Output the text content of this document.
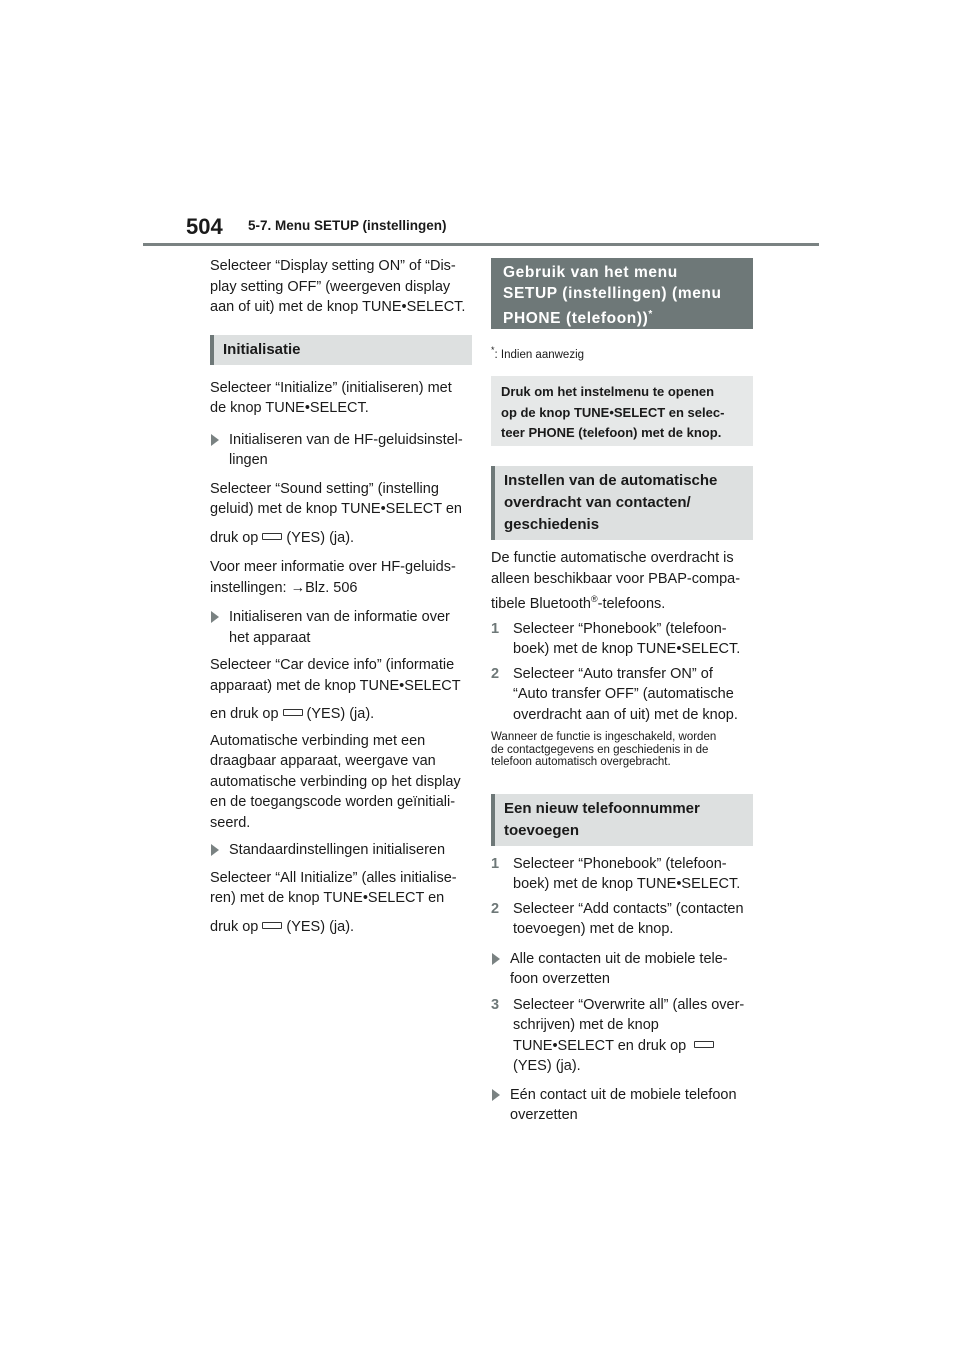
504 5-7. Menu SETUP (instellingen)

Selecteer “Display setting ON” of “Dis-
play setting OFF” (weergeven display
aan of uit) met de knop TUNE•SELECT.

Initialisatie

Selecteer “Initialize” (initialiseren) met
de knop TUNE•SELECT.

Initialiseren van de HF-geluidsinstel-
lingen

Selecteer “Sound setting” (instelling
geluid) met de knop TUNE•SELECT en
druk op (YES) (ja).

Voor meer informatie over HF-geluids-
instellingen: →Blz. 506

Initialiseren van de informatie over
het apparaat

Selecteer “Car device info” (informatie
apparaat) met de knop TUNE•SELECT
en druk op (YES) (ja).

Automatische verbinding met een
draagbaar apparaat, weergave van
automatische verbinding op het display
en de toegangscode worden geïnitiali-
seerd.

Standaardinstellingen initialiseren

Selecteer “All Initialize” (alles initialise-
ren) met de knop TUNE•SELECT en
druk op (YES) (ja).

Gebruik van het menu
SETUP (instellingen) (menu
PHONE (telefoon))*
*: Indien aanwezig
Druk om het instelmenu te openen
op de knop TUNE•SELECT en selec-
teer PHONE (telefoon) met de knop.
Instellen van de automatische
overdracht van contacten/
geschiedenis

De functie automatische overdracht is
alleen beschikbaar voor PBAP-compa-
tibele Bluetooth®-telefoons.

1 Selecteer “Phonebook” (telefoon-
boek) met de knop TUNE•SELECT.
2 Selecteer “Auto transfer ON” of
“Auto transfer OFF” (automatische
overdracht aan of uit) met de knop.
Wanneer de functie is ingeschakeld, worden
de contactgegevens en geschiedenis in de
telefoon automatisch overgebracht.
Een nieuw telefoonnummer
toevoegen
1 Selecteer “Phonebook” (telefoon-
boek) met de knop TUNE•SELECT.
2 Selecteer “Add contacts” (contacten
toevoegen) met de knop.
Alle contacten uit de mobiele tele-
foon overzetten
3 Selecteer “Overwrite all” (alles over-
schrijven) met de knop
TUNE•SELECT en druk op
(YES) (ja).
Eén contact uit de mobiele telefoon
overzetten
